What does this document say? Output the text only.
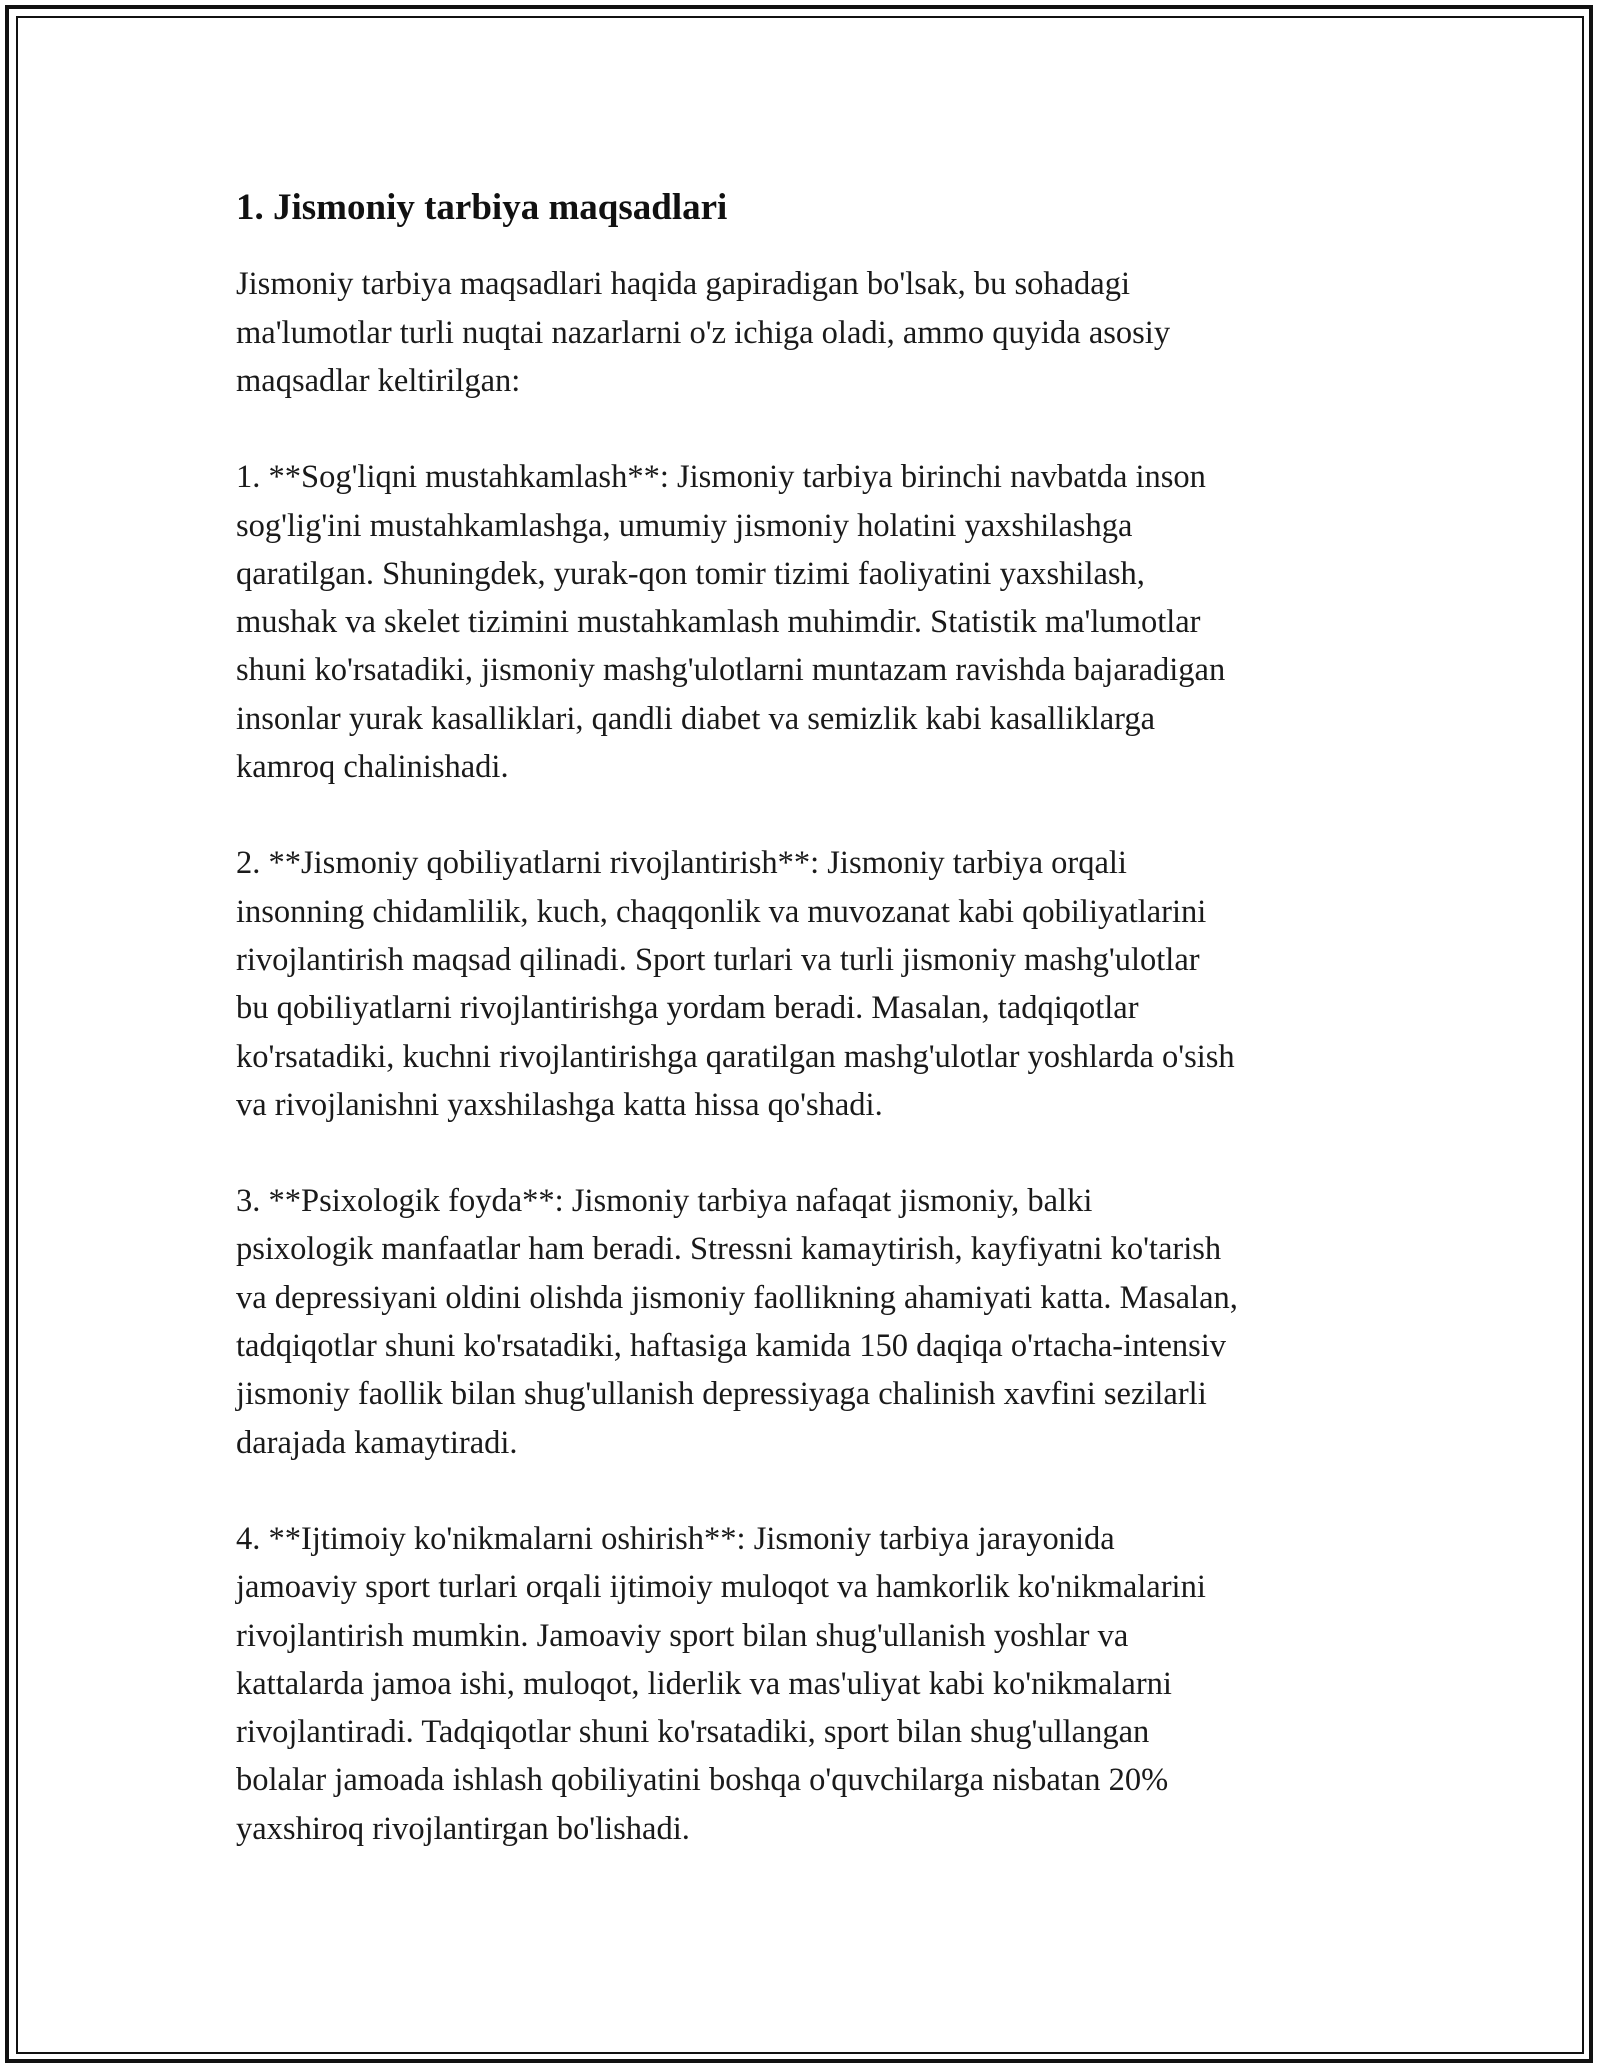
1. Jismoniy tarbiya maqsadlari

Jismoniy tarbiya maqsadlari haqida gapiradigan bo'lsak, bu sohadagi
ma'lumotlar turli nuqtai nazarlarni o'z ichiga oladi, ammo quyida asosiy
maqsadlar keltirilgan:

1. **Sog'liqni mustahkamlash**: Jismoniy tarbiya birinchi navbatda inson
sog'lig'ini mustahkamlashga, umumiy jismoniy holatini yaxshilashga
qaratilgan. Shuningdek, yurak-qon tomir tizimi faoliyatini yaxshilash,
mushak va skelet tizimini mustahkamlash muhimdir. Statistik ma'lumotlar
shuni ko'rsatadiki, jismoniy mashg'ulotlarni muntazam ravishda bajaradigan
insonlar yurak kasalliklari, qandli diabet va semizlik kabi kasalliklarga
kamroq chalinishadi.

2. **Jismoniy qobiliyatlarni rivojlantirish**: Jismoniy tarbiya orqali
insonning chidamlilik, kuch, chaqqonlik va muvozanat kabi qobiliyatlarini
rivojlantirish maqsad qilinadi. Sport turlari va turli jismoniy mashg'ulotlar
bu qobiliyatlarni rivojlantirishga yordam beradi. Masalan, tadqiqotlar
ko'rsatadiki, kuchni rivojlantirishga qaratilgan mashg'ulotlar yoshlarda o'sish
va rivojlanishni yaxshilashga katta hissa qo'shadi.

3. **Psixologik foyda**: Jismoniy tarbiya nafaqat jismoniy, balki
psixologik manfaatlar ham beradi. Stressni kamaytirish, kayfiyatni ko'tarish
va depressiyani oldini olishda jismoniy faollikning ahamiyati katta. Masalan,
tadqiqotlar shuni ko'rsatadiki, haftasiga kamida 150 daqiqa o'rtacha-intensiv
jismoniy faollik bilan shug'ullanish depressiyaga chalinish xavfini sezilarli
darajada kamaytiradi.

4. **Ijtimoiy ko'nikmalarni oshirish**: Jismoniy tarbiya jarayonida
jamoaviy sport turlari orqali ijtimoiy muloqot va hamkorlik ko'nikmalarini
rivojlantirish mumkin. Jamoaviy sport bilan shug'ullanish yoshlar va
kattalarda jamoa ishi, muloqot, liderlik va mas'uliyat kabi ko'nikmalarni
rivojlantiradi. Tadqiqotlar shuni ko'rsatadiki, sport bilan shug'ullangan
bolalar jamoada ishlash qobiliyatini boshqa o'quvchilarga nisbatan 20%
yaxshiroq rivojlantirgan bo'lishadi.
